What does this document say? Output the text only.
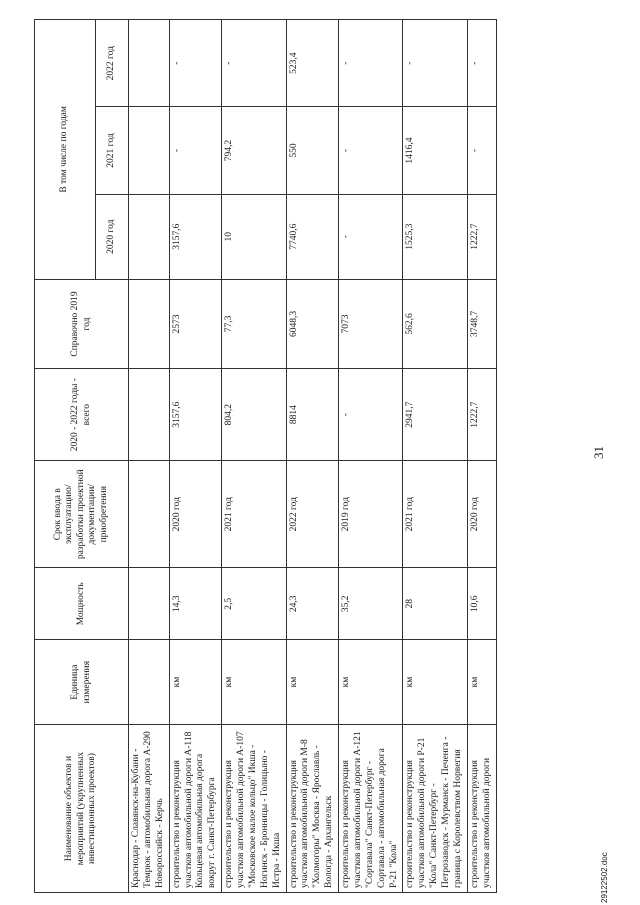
31
Наименование объектов и мероприятий (укрупненных инвестиционных проектов)	Единица измерения	Мощность	Срок ввода в эксплуатацию/ разработки проектной документации/ приобретения	2020 - 2022 годы - всего	Справочно 2019 год	В том числе по годам		
						2020 год	2021 год	2022 год
Краснодар - Славянск-на-Кубани - Темрюк - автомобильная дорога А-290 Новороссийск - Керчь								
строительство и реконструкция участков автомобильной дороги А-118 Кольцевая автомобильная дорога вокруг г. Санкт-Петербурга	км	14,3	2020 год	3157,6	2573	3157,6	-	-
строительство и реконструкция участков автомобильной дороги А-107 "Московское малое кольцо" Икша - Ногинск - Бронницы - Голицыно - Истра - Икша	км	2,5	2021 год	804,2	77,3	10	794,2	-
строительство и реконструкция участков автомобильной дороги М-8 "Холмогоры" Москва - Ярославль - Вологда - Архангельск	км	24,3	2022 год	8814	6048,3	7740,6	550	523,4
строительство и реконструкция участков автомобильной дороги А-121 "Сортавала" Санкт-Петербург - Сортавала - автомобильная дорога Р-21 "Кола"	км	35,2	2019 год	-	7073	-	-	-
строительство и реконструкция участков автомобильной дороги Р-21 "Кола" Санкт-Петербург - Петрозаводск - Мурманск - Печенга - граница с Королевством Норвегия	км	28	2021 год	2941,7	562,6	1525,3	1416,4	-
строительство и реконструкция участков автомобильной дороги	км	10,6	2020 год	1222,7	3748,7	1222,7	-	-
29122502.doc
